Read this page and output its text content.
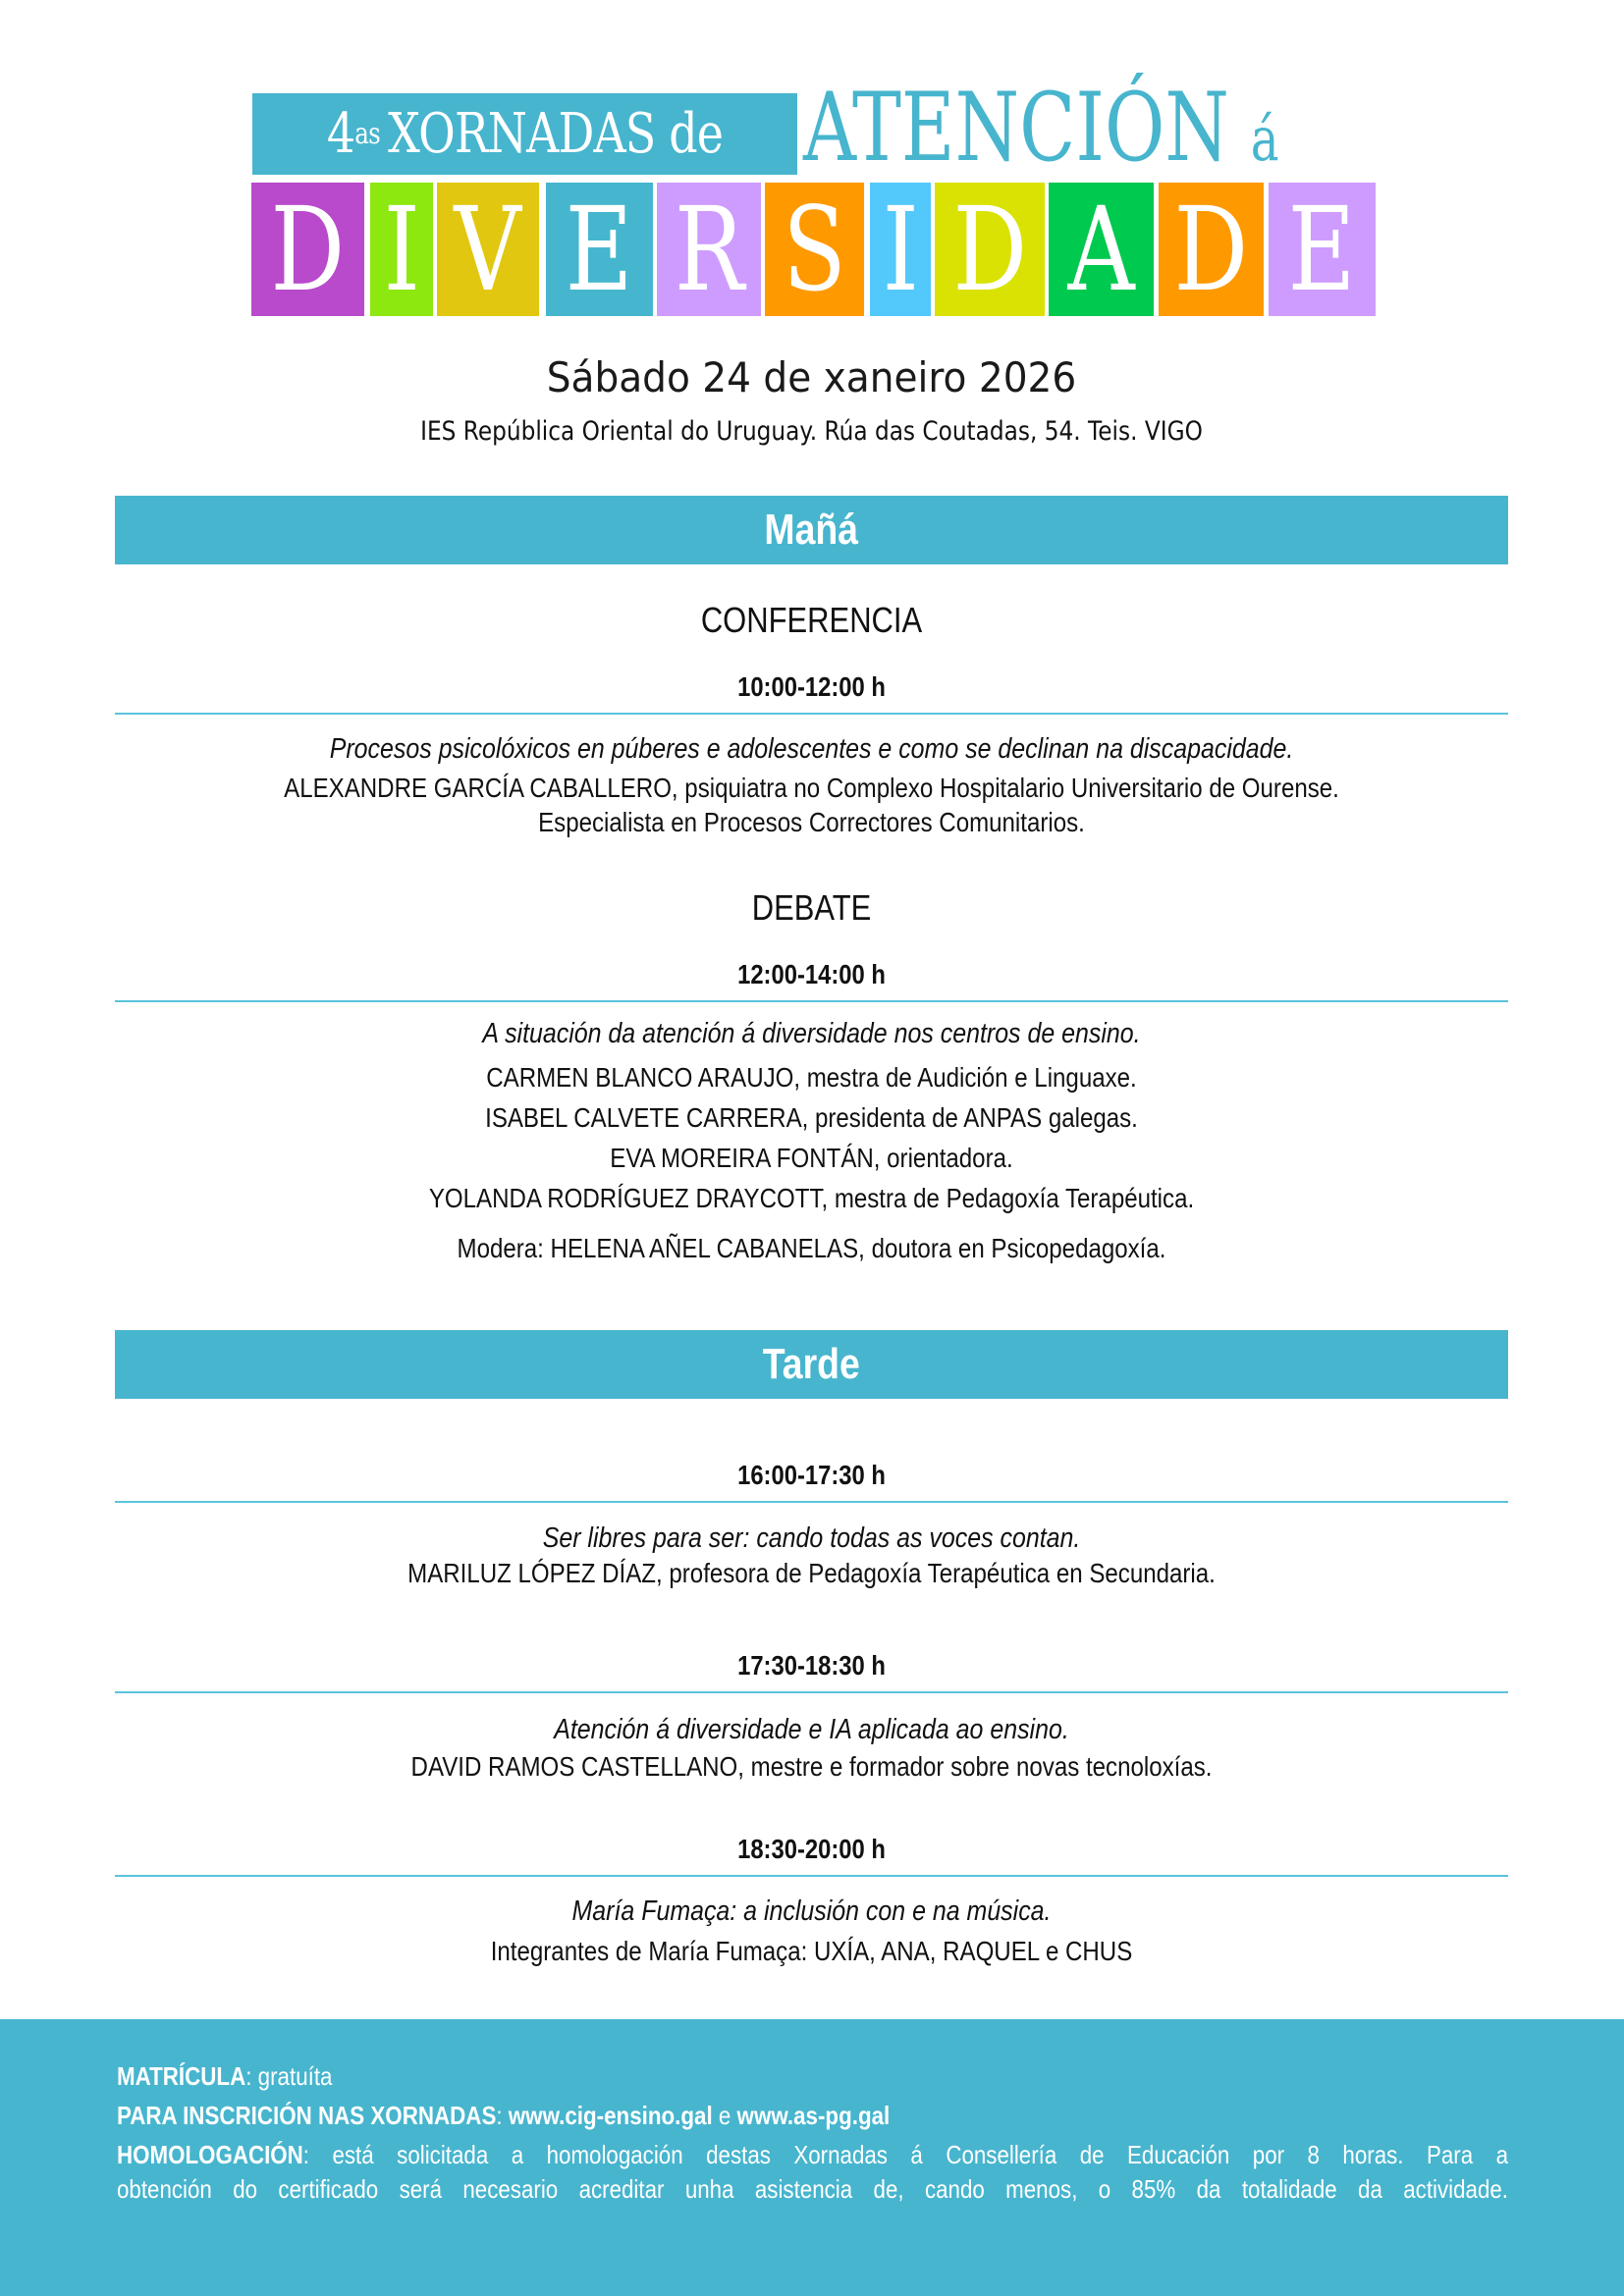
4 as XORNADAS de ATENCIÓN á
D I V E R S I D A D E
Sábado 24 de xaneiro 2026
IES República Oriental do Uruguay. Rúa das Coutadas, 54. Teis. VIGO
Mañá
CONFERENCIA
10:00-12:00 h
Procesos psicolóxicos en púberes e adolescentes e como se declinan na discapacidade.
ALEXANDRE GARCÍA CABALLERO, psiquiatra no Complexo Hospitalario Universitario de Ourense.
Especialista en Procesos Correctores Comunitarios.
DEBATE
12:00-14:00 h
A situación da atención á diversidade nos centros de ensino.
CARMEN BLANCO ARAUJO, mestra de Audición e Linguaxe.
ISABEL CALVETE CARRERA, presidenta de ANPAS galegas.
EVA MOREIRA FONTÁN, orientadora.
YOLANDA RODRÍGUEZ DRAYCOTT, mestra de Pedagoxía Terapéutica.
Modera: HELENA AÑEL CABANELAS, doutora en Psicopedagoxía.
Tarde
16:00-17:30 h
Ser libres para ser: cando todas as voces contan.
MARILUZ LÓPEZ DÍAZ, profesora de Pedagoxía Terapéutica en Secundaria.
17:30-18:30 h
Atención á diversidade e IA aplicada ao ensino.
DAVID RAMOS CASTELLANO, mestre e formador sobre novas tecnoloxías.
18:30-20:00 h
María Fumaça: a inclusión con e na música.
Integrantes de María Fumaça: UXÍA, ANA, RAQUEL e CHUS
MATRÍCULA: gratuíta
PARA INSCRICIÓN NAS XORNADAS: www.cig-ensino.gal e www.as-pg.gal
HOMOLOGACIÓN: está solicitada a homologación destas Xornadas á Consellería de Educación por 8 horas. Para a
obtención do certificado será necesario acreditar unha asistencia de, cando menos, o 85% da totalidade da actividade.
